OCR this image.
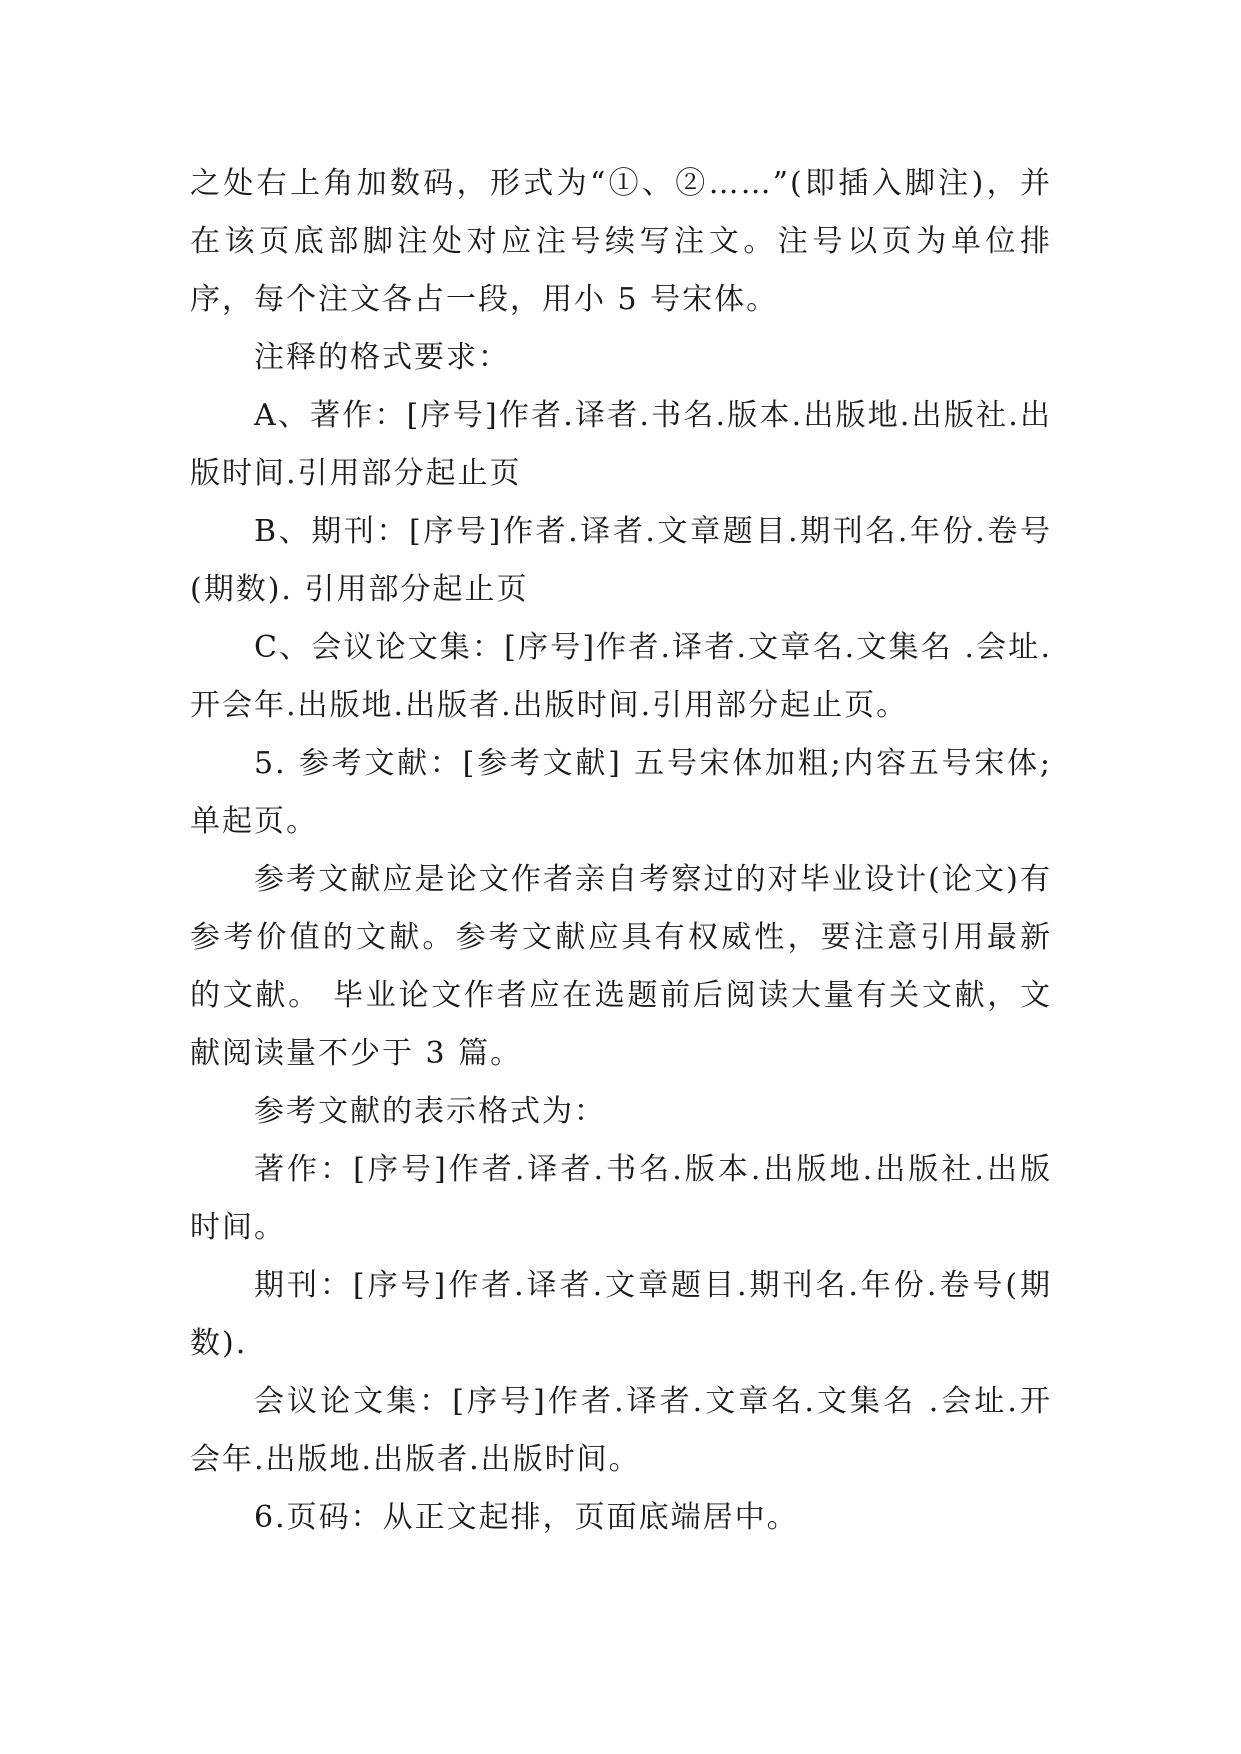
之处右上角加数码，形式为“①、②……”(即插入脚注)，并在该页底部脚注处对应注号续写注文。注号以页为单位排序，每个注文各占一段，用小 5 号宋体。

注释的格式要求：

A、著作：[序号]作者.译者.书名.版本.出版地.出版社.出版时间.引用部分起止页

B、期刊：[序号]作者.译者.文章题目.期刊名.年份.卷号(期数). 引用部分起止页

C、会议论文集：[序号]作者.译者.文章名.文集名 .会址.开会年.出版地.出版者.出版时间.引用部分起止页。

5. 参考文献：[参考文献] 五号宋体加粗;内容五号宋体;单起页。

参考文献应是论文作者亲自考察过的对毕业设计(论文)有参考价值的文献。参考文献应具有权威性，要注意引用最新的文献。 毕业论文作者应在选题前后阅读大量有关文献，文献阅读量不少于 3 篇。

参考文献的表示格式为：

著作：[序号]作者.译者.书名.版本.出版地.出版社.出版时间。

期刊：[序号]作者.译者.文章题目.期刊名.年份.卷号(期数).

会议论文集：[序号]作者.译者.文章名.文集名 .会址.开会年.出版地.出版者.出版时间。

6.页码：从正文起排，页面底端居中。
